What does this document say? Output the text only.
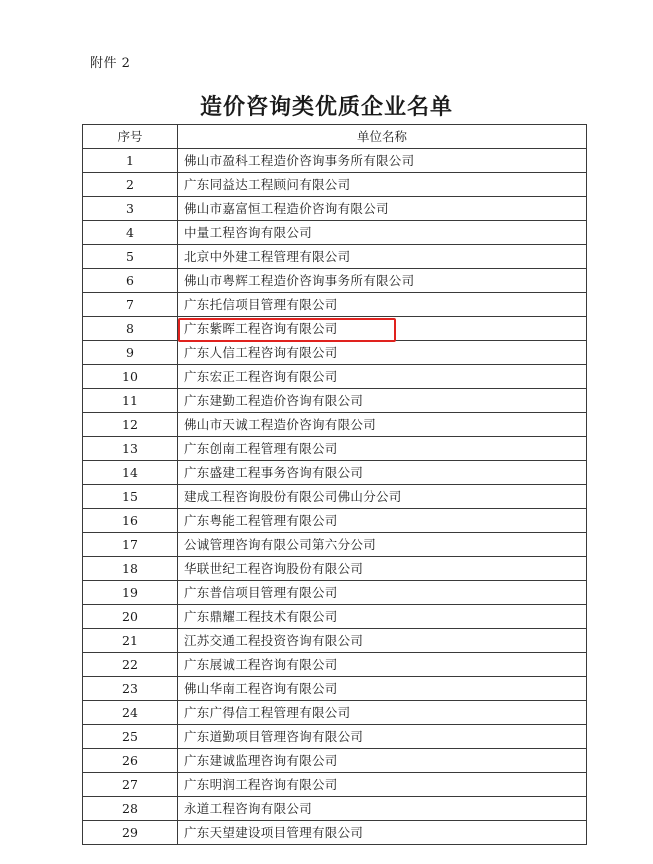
附件 2
造价咨询类优质企业名单
序号	单位名称
1	佛山市盈科工程造价咨询事务所有限公司
2	广东同益达工程顾问有限公司
3	佛山市嘉富恒工程造价咨询有限公司
4	中量工程咨询有限公司
5	北京中外建工程管理有限公司
6	佛山市粤辉工程造价咨询事务所有限公司
7	广东托信项目管理有限公司
8	广东紫晖工程咨询有限公司
9	广东人信工程咨询有限公司
10	广东宏正工程咨询有限公司
11	广东建勤工程造价咨询有限公司
12	佛山市天诚工程造价咨询有限公司
13	广东创南工程管理有限公司
14	广东盛建工程事务咨询有限公司
15	建成工程咨询股份有限公司佛山分公司
16	广东粤能工程管理有限公司
17	公诚管理咨询有限公司第六分公司
18	华联世纪工程咨询股份有限公司
19	广东普信项目管理有限公司
20	广东鼎耀工程技术有限公司
21	江苏交通工程投资咨询有限公司
22	广东展诚工程咨询有限公司
23	佛山华南工程咨询有限公司
24	广东广得信工程管理有限公司
25	广东道勤项目管理咨询有限公司
26	广东建诚监理咨询有限公司
27	广东明润工程咨询有限公司
28	永道工程咨询有限公司
29	广东天望建设项目管理有限公司
